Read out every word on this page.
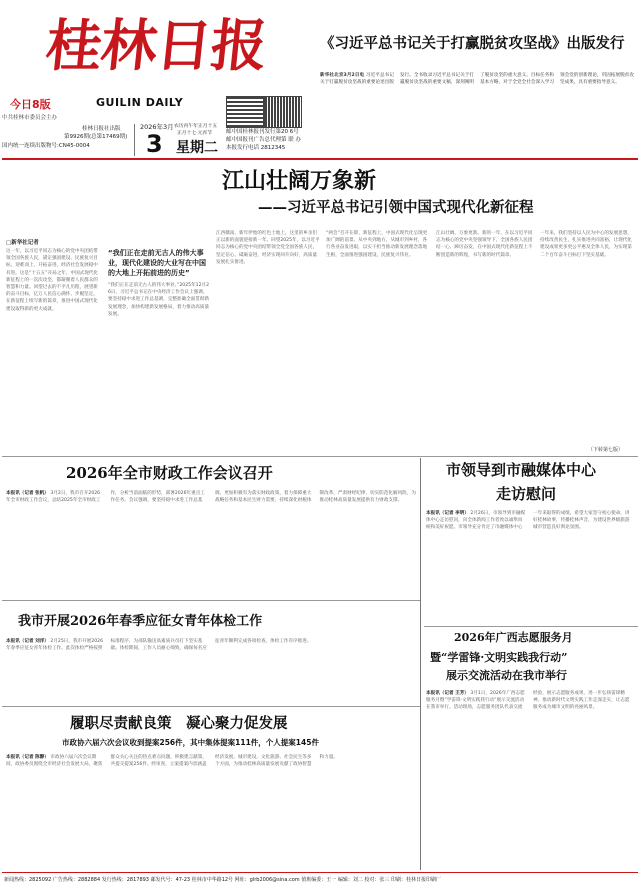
桂林日报
今日8版
中共桂林市委员会主办
GUILIN DAILY
桂林日报社出版
第9926期(总第17469期)
国内统一连续出版物号:CN45-0004
2026年3月
3
农历丙午年正月十五
正月十七·元宵节
星期二
邮中国桂林报刊发行第20 6号
邮中国报刊广告总代理第 联 办
本报发行电话 2812345
《习近平总书记关于打赢脱贫攻坚战》出版发行
新华社北京3月2日电 习近平总书记关于打赢脱贫攻坚战的重要论述出版发行。全书收录习近平总书记关于打赢脱贫攻坚战的重要文稿，深刻阐明了脱贫攻坚的重大意义、目标任务和基本方略，对于全党全社会深入学习领会党的创新理论，巩固拓展脱贫攻坚成果，具有重要指导意义。
江山壮阔万象新
——习近平总书记引领中国式现代化新征程
□新华社记者
这一年，以习近平同志为核心的党中央团结带领全国各族人民，锚定强国建设、民族复兴目标，迎难而上、开拓奋进，经济社会发展稳中有进。这是“十五五”开局之年，中国式现代化新征程上的一次次攻坚，都凝聚着人民群众的智慧和力量。回望过去的不平凡历程，展望新的奋斗目标，亿万人民信心满怀、步履坚定，在新征程上续写新的篇章，推进中国式现代化建设取得新的更大成就。
“我们正在走前无古人的伟大事业，现代化建设的大业写在中国的大地上开拓前进的历史”
“我们正在走前无古人的伟大事业。”2025年12月26日，习近平总书记在中央经济工作会议上强调，要坚持稳中求进工作总基调，完整准确全面贯彻新发展理念，加快构建新发展格局，着力推动高质量发展。
江西赣南，新年伊始的红色土地上，这里的乡亲们正以新的面貌迎接新一年。回望2025年，以习近平同志为核心的党中央团结带领全党全国各族人民，坚定信心、砥砺奋进，经济实现回升向好，高质量发展扎实推进。
“两会”召开在即，新征程上，中国式现代化呈现更加广阔的前景。从中央到地方，从城市到乡村，各行各业奋发进取，以实干担当推动新发展理念落地生根，全面推进强国建设、民族复兴伟业。
江山壮阔，万象更新。新的一年，在以习近平同志为核心的党中央坚强领导下，全国各族人民团结一心、踔厉奋发，在中国式现代化新征程上不断创造新的辉煌，书写新的时代篇章。
一年来，我们坚持以人民为中心的发展思想，持续改善民生，扎实推进共同富裕，让现代化建设成果更多更公平惠及全体人民，为实现第二个百年奋斗目标打下坚实基础。
（下转第七版）
2026年全市财政工作会议召开
本报讯（记者 张帆） 3月2日，我市召开2026年全市财政工作会议，总结2025年全市财政工作，分析当前面临的形势，部署2026年重点工作任务。会议强调，要坚持稳中求进工作总基调，更加积极有为落实财政政策，着力保障重大战略任务和基本民生财力需要，持续深化财税体制改革，严肃财经纪律，切实防范化解风险，为推动桂林高质量发展提供有力财政支撑。
市领导到市融媒体中心
走访慰问
本报讯（记者 李明） 2月26日，市领导到市融媒体中心走访慰问，向全体新闻工作者致以诚挚问候和美好祝愿。市领导充分肯定了市融媒体中心一年来取得的成绩，希望大家坚守初心使命，讲好桂林故事，传播桂林声音，为建设世界级旅游城市营造良好舆论氛围。
我市开展2026年春季应征女青年体检工作
本报讯（记者 刘洋） 2月25日，我市开展2026年春季应征女青年体检工作。此次体检严格按照标准程序，为部队输送高素质兵员打下坚实基础。体检期间，工作人员耐心细致，确保每名应征青年顺利完成各项检查，体检工作有序推进。	2026年广西志愿服务月
暨“学雷锋·文明实践我行动”
展示交流活动在我市举行
本报讯（记者 王芳） 3月1日，2026年广西志愿服务月暨“学雷锋·文明实践我行动”展示交流活动在我市举行。活动现场，志愿服务团队代表交流经验，展示志愿服务成果，进一步弘扬雷锋精神，推动新时代文明实践工作走深走实，让志愿服务成为城市文明的亮丽风景。
履职尽责献良策　凝心聚力促发展
市政协六届六次会议收到提案256件，其中集体提案111件，个人提案145件
本报讯（记者 陈静） 市政协六届六次会议期间，政协委员围绕全市经济社会发展大局，聚焦群众关心关注的热点难点问题，积极建言献策，共提交提案256件。经审查，立案提案内容涵盖经济发展、城市建设、文化旅游、社会民生等多个方面，为推动桂林高质量发展贡献了政协智慧和力量。
新闻热线：2825092 广告热线：2882884 发行热线：2817893 邮发代号：47-23 桂林市中华路12号 网址：glrb2006@sina.com 值班编委：王一 编辑：刘二 校对：张三 印刷：桂林日报印刷厂
